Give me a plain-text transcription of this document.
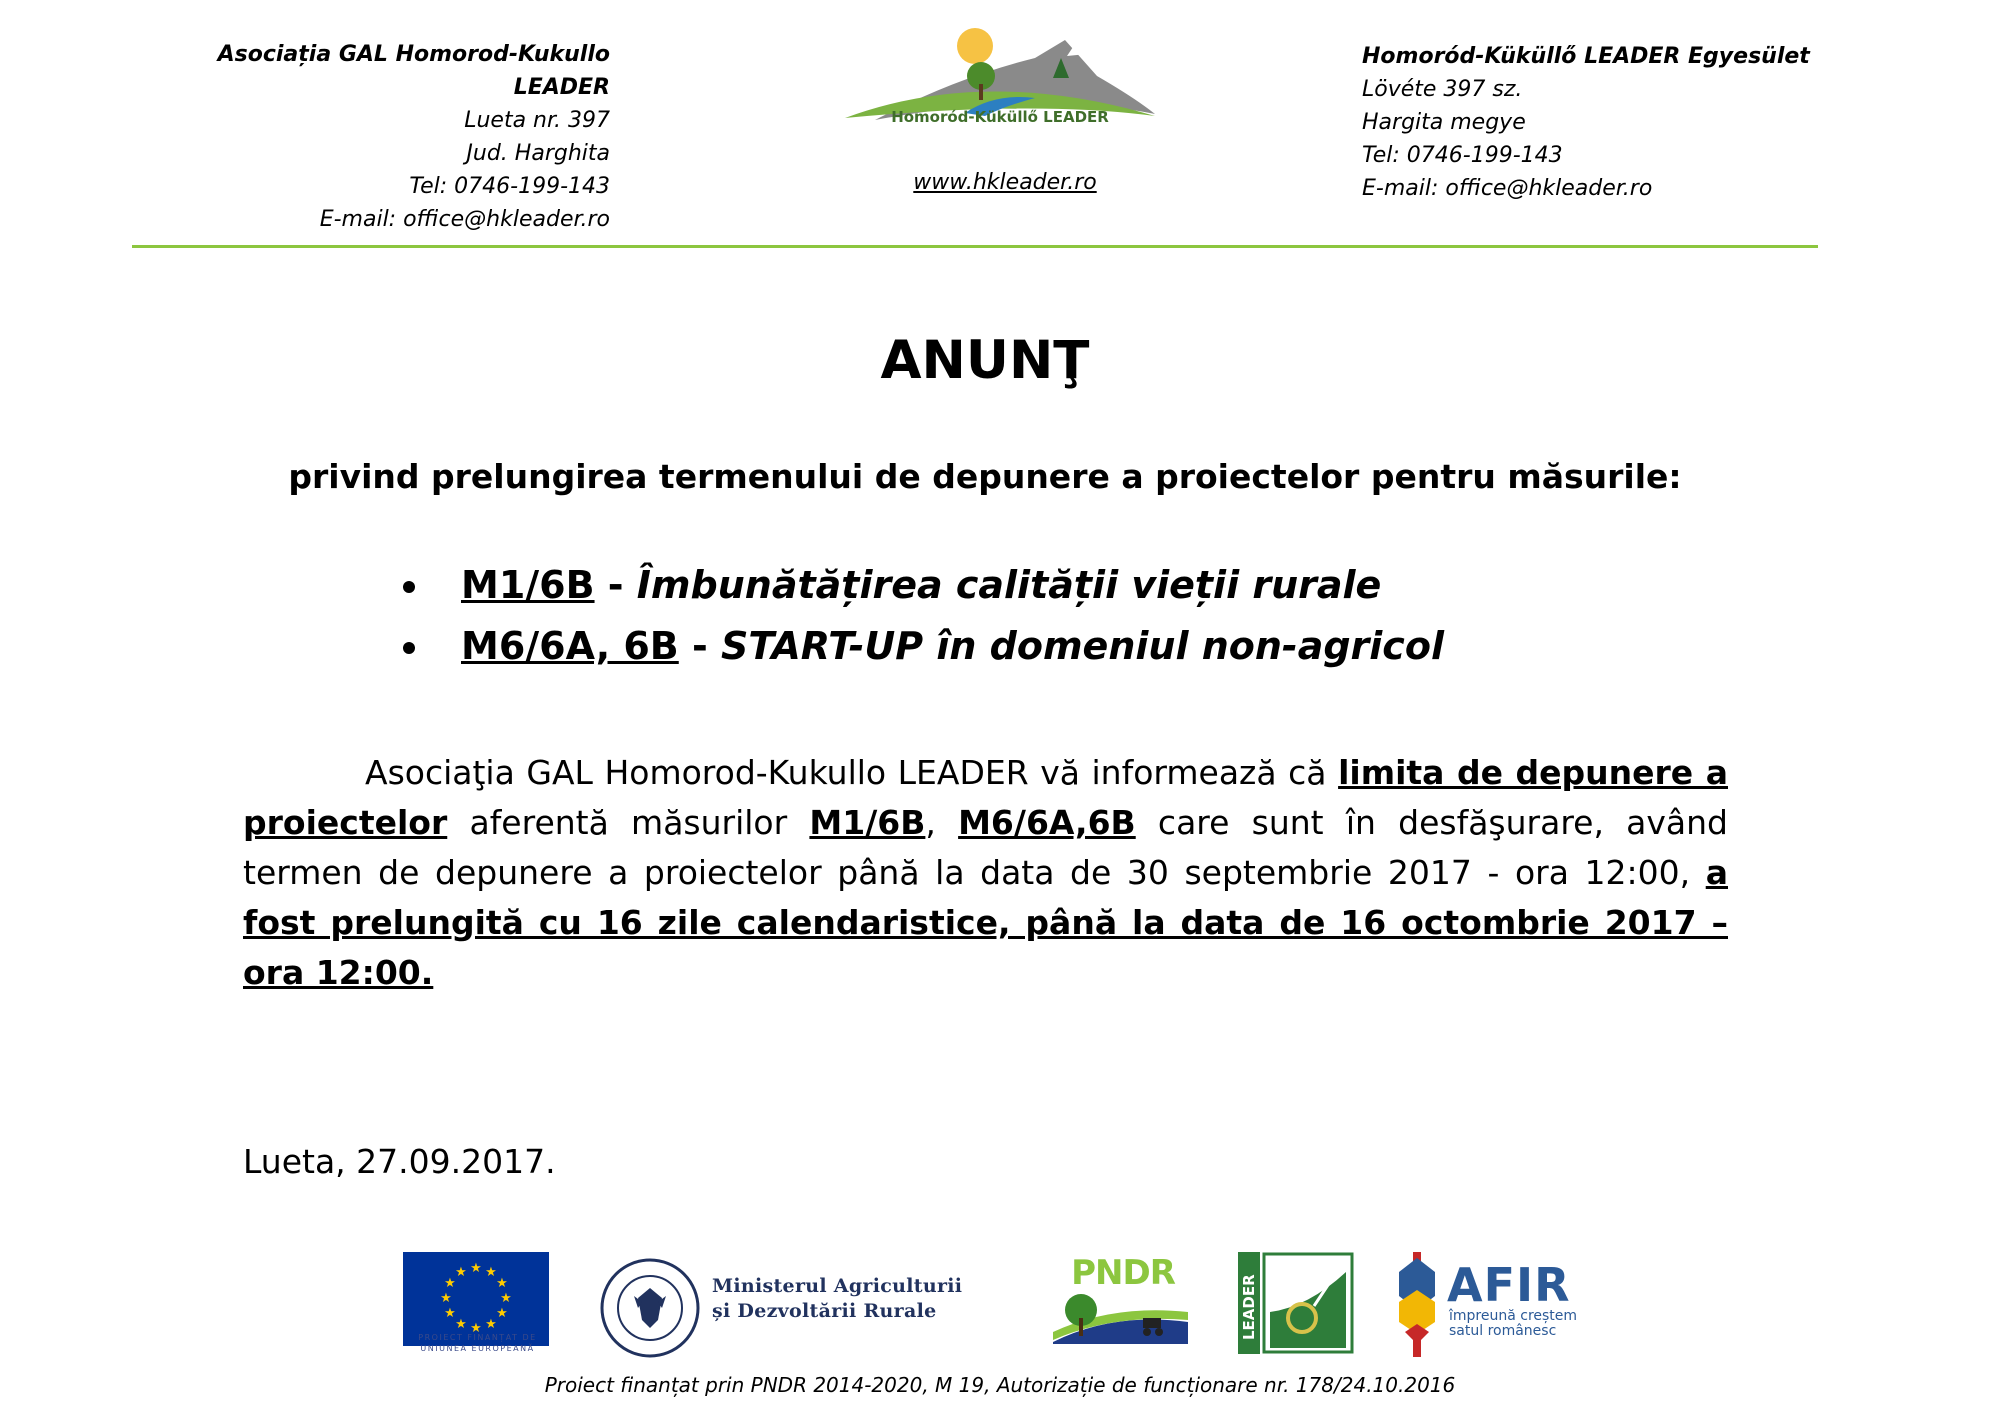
Asociația GAL Homorod-Kukullo LEADER
Lueta nr. 397
Jud. Harghita
Tel: 0746-199-143
E-mail: office@hkleader.ro
Homoród-Küküllő LEADER
www.hkleader.ro
Homoród-Küküllő LEADER Egyesület
Lövéte 397 sz.
Hargita megye
Tel: 0746-199-143
E-mail: office@hkleader.ro
ANUNŢ
privind prelungirea termenului de depunere a proiectelor pentru măsurile:
M1/6B - Îmbunătățirea calității vieții rurale
M6/6A, 6B - START-UP în domeniul non-agricol
Asociaţia GAL Homorod-Kukullo LEADER vă informează că limita de depunere a proiectelor aferentă măsurilor M1/6B, M6/6A,6B care sunt în desfăşurare, având termen de depunere a proiectelor până la data de 30 septembrie 2017 - ora 12:00, a fost prelungită cu 16 zile calendaristice, până la data de 16 octombrie 2017 – ora 12:00.
Lueta, 27.09.2017.
★ ★
★
★
★
★
★
★
★
★
★
★
PROIECT FINANȚAT DE
UNIUNEA EUROPEANĂ
Ministerul Agriculturii
și Dezvoltării Rurale
PNDR
LEADER	AFIR
împreună creștem
satul românesc
Proiect finanțat prin PNDR 2014-2020, M 19, Autorizație de funcționare nr. 178/24.10.2016
